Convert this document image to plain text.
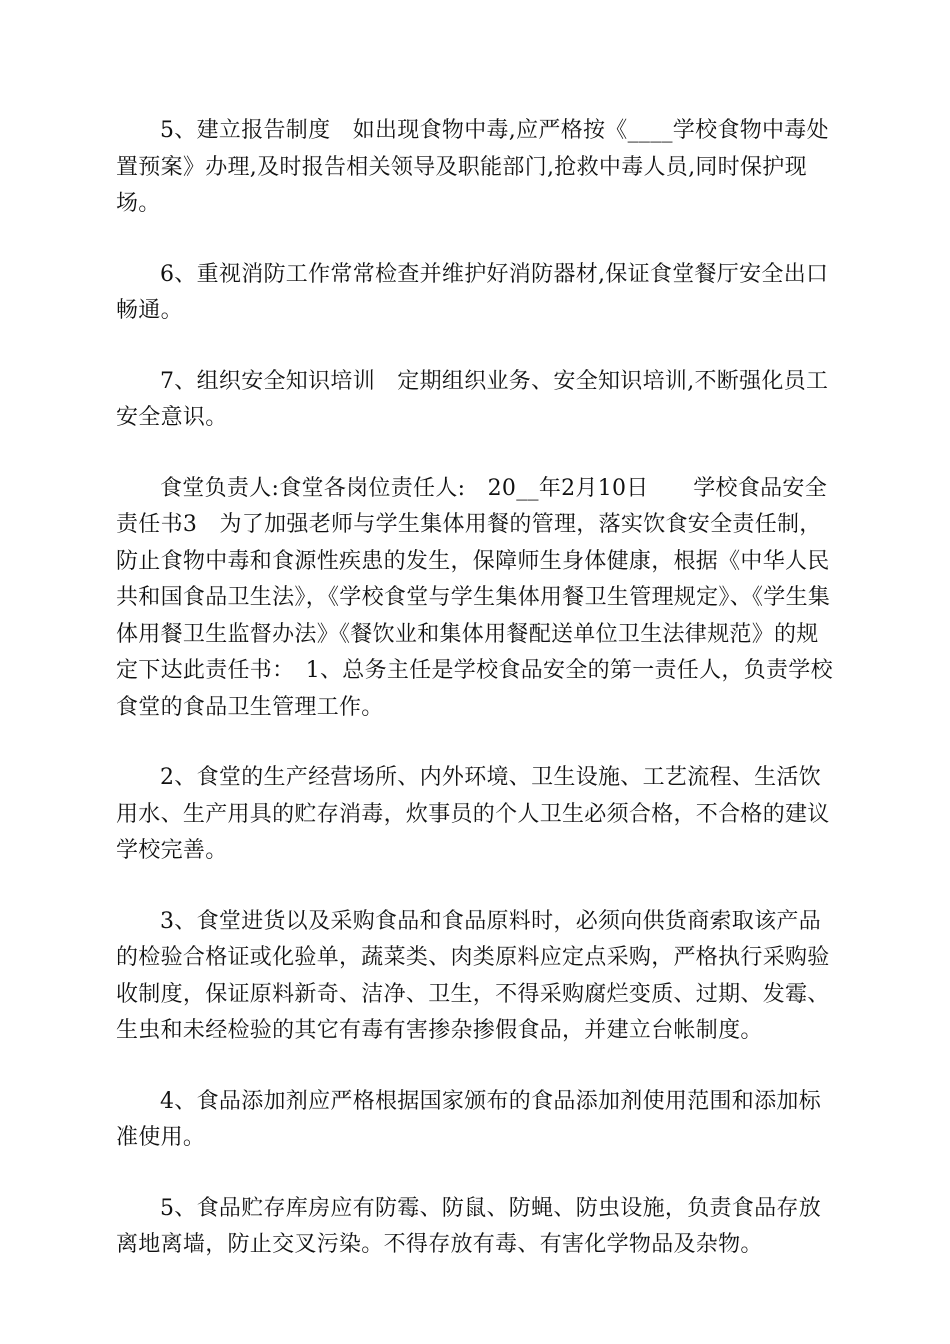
5、建立报告制度　如出现食物中毒,应严格按《____学校食物中毒处置预案》办理,及时报告相关领导及职能部门,抢救中毒人员,同时保护现场。

6、重视消防工作常常检查并维护好消防器材,保证食堂餐厅安全出口畅通。

7、组织安全知识培训　定期组织业务、安全知识培训,不断强化员工安全意识。

食堂负责人:食堂各岗位责任人:　20__年2月10日　　学校食品安全责任书3　为了加强老师与学生集体用餐的管理，落实饮食安全责任制，防止食物中毒和食源性疾患的发生，保障师生身体健康，根据《中华人民共和国食品卫生法》，《学校食堂与学生集体用餐卫生管理规定》、《学生集体用餐卫生监督办法》《餐饮业和集体用餐配送单位卫生法律规范》的规定下达此责任书：　1、总务主任是学校食品安全的第一责任人，负责学校食堂的食品卫生管理工作。

2、食堂的生产经营场所、内外环境、卫生设施、工艺流程、生活饮用水、生产用具的贮存消毒，炊事员的个人卫生必须合格，不合格的建议学校完善。

3、食堂进货以及采购食品和食品原料时，必须向供货商索取该产品的检验合格证或化验单，蔬菜类、肉类原料应定点采购，严格执行采购验收制度，保证原料新奇、洁净、卫生，不得采购腐烂变质、过期、发霉、生虫和未经检验的其它有毒有害掺杂掺假食品，并建立台帐制度。

4、食品添加剂应严格根据国家颁布的食品添加剂使用范围和添加标准使用。

5、食品贮存库房应有防霉、防鼠、防蝇、防虫设施，负责食品存放离地离墙，防止交叉污染。不得存放有毒、有害化学物品及杂物。
